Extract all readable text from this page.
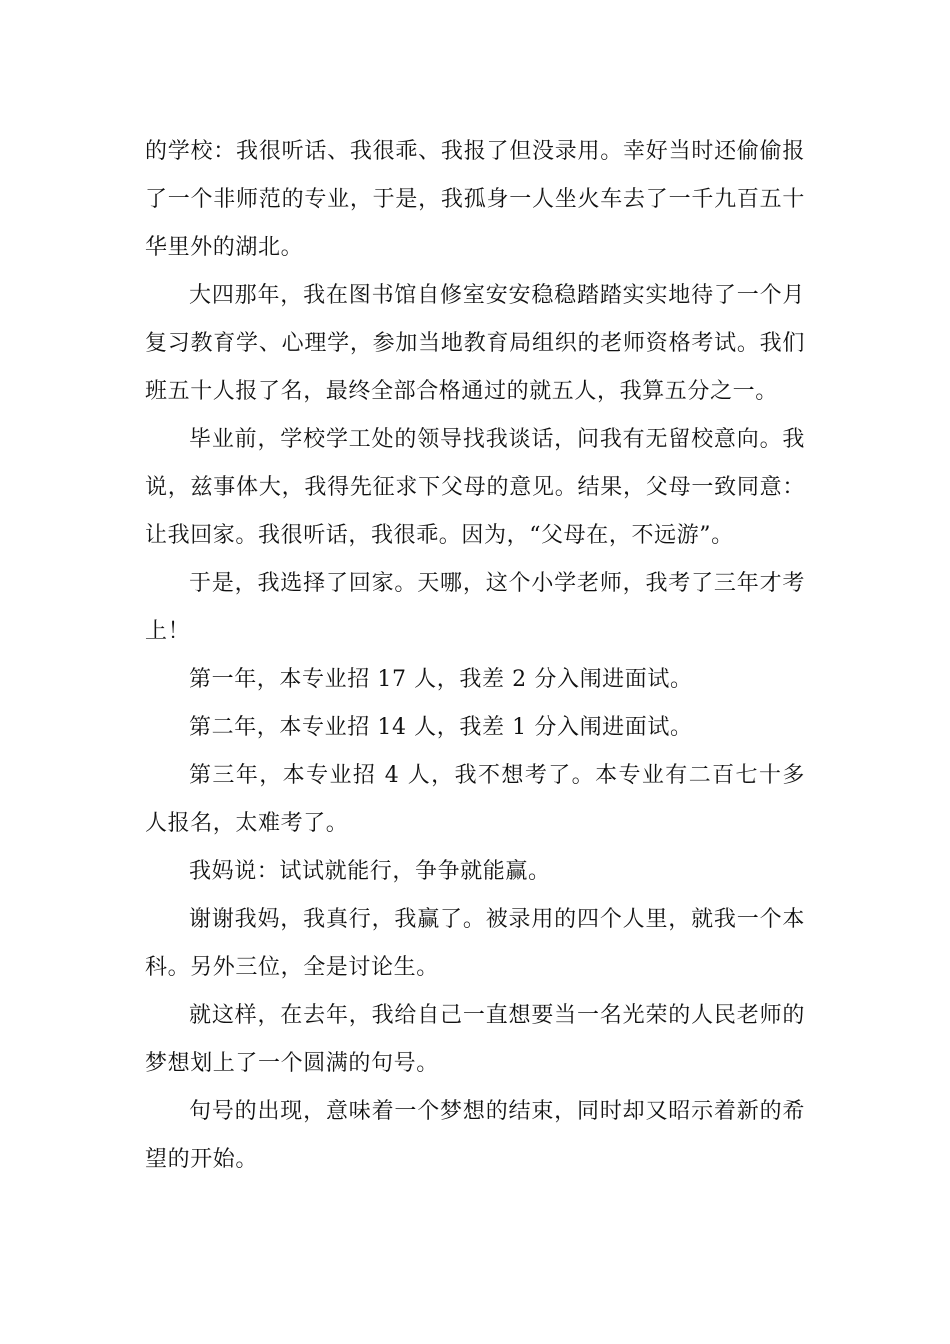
的学校：我很听话、我很乖、我报了但没录用。幸好当时还偷偷报了一个非师范的专业，于是，我孤身一人坐火车去了一千九百五十华里外的湖北。

大四那年，我在图书馆自修室安安稳稳踏踏实实地待了一个月复习教育学、心理学，参加当地教育局组织的老师资格考试。我们班五十人报了名，最终全部合格通过的就五人，我算五分之一。

毕业前，学校学工处的领导找我谈话，问我有无留校意向。我说，兹事体大，我得先征求下父母的意见。结果，父母一致同意：让我回家。我很听话，我很乖。因为，“父母在，不远游”。

于是，我选择了回家。天哪，这个小学老师，我考了三年才考上！

第一年，本专业招 17 人，我差 2 分入闱进面试。

第二年，本专业招 14 人，我差 1 分入闱进面试。

第三年，本专业招 4 人，我不想考了。本专业有二百七十多人报名，太难考了。

我妈说：试试就能行，争争就能赢。

谢谢我妈，我真行，我赢了。被录用的四个人里，就我一个本科。另外三位，全是讨论生。

就这样，在去年，我给自己一直想要当一名光荣的人民老师的梦想划上了一个圆满的句号。

句号的出现，意味着一个梦想的结束，同时却又昭示着新的希望的开始。
